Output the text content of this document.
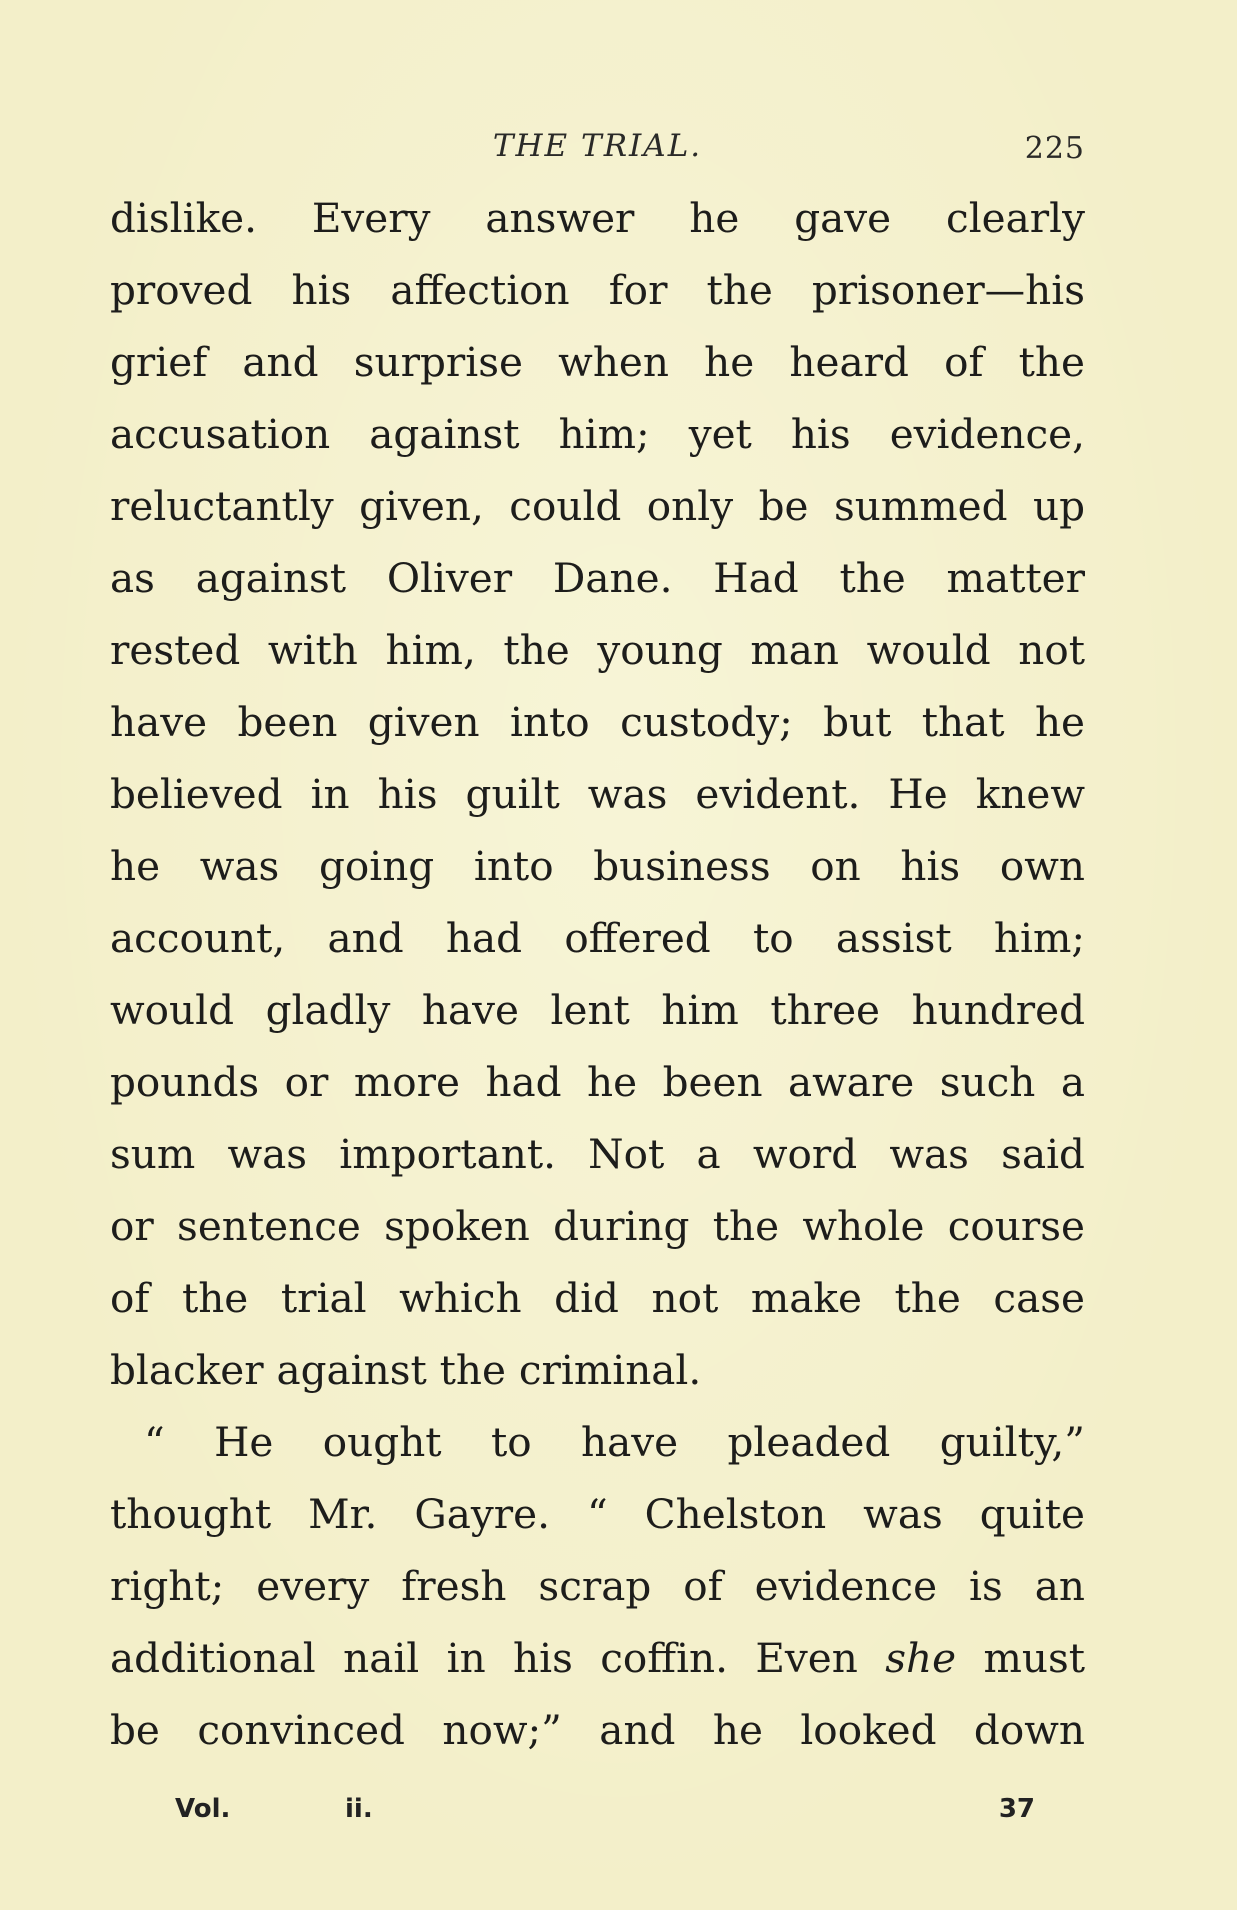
THE TRIAL.	225
dislike. Every answer he gave clearly
proved his affection for the prisoner—his
grief and surprise when he heard of the
accusation against him; yet his evidence,
reluctantly given, could only be summed up
as against Oliver Dane. Had the matter
rested with him, the young man would not
have been given into custody; but that he
believed in his guilt was evident. He knew
he was going into business on his own
account, and had offered to assist him;
would gladly have lent him three hundred
pounds or more had he been aware such a
sum was important. Not a word was said
or sentence spoken during the whole course
of the trial which did not make the case
blacker against the criminal.
“ He ought to have pleaded guilty,”
thought Mr. Gayre. “ Chelston was quite
right; every fresh scrap of evidence is an
additional nail in his coffin. Even she must
be convinced now;” and he looked down
Vol.	ii.	37
